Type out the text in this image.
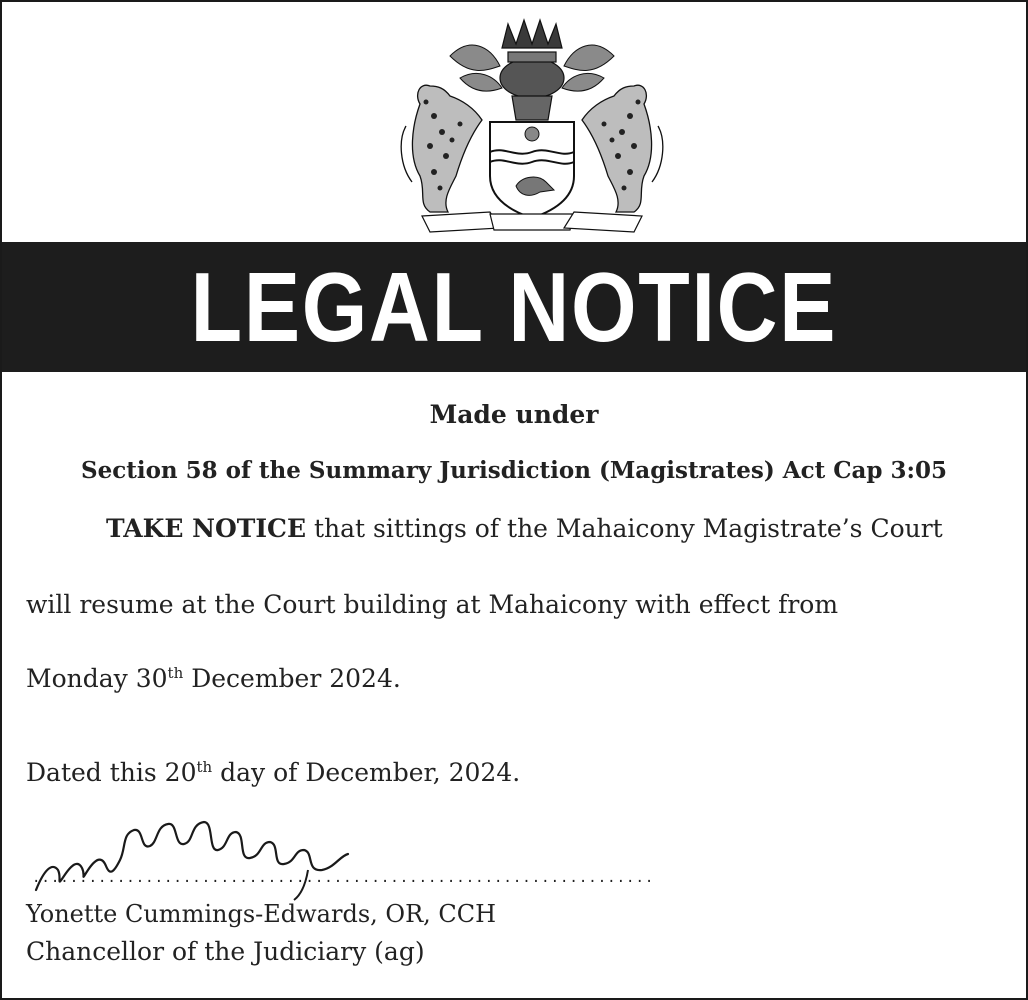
LEGAL NOTICE
Made under
Section 58 of the Summary Jurisdiction (Magistrates) Act Cap 3:05
TAKE NOTICE that sittings of the Mahaicony Magistrate’s Court
will resume at the Court building at Mahaicony with effect from
Monday 30th December 2024.
Dated this 20th day of December, 2024.
..................................................................
Yonette Cummings-Edwards, OR, CCH
Chancellor of the Judiciary (ag)
